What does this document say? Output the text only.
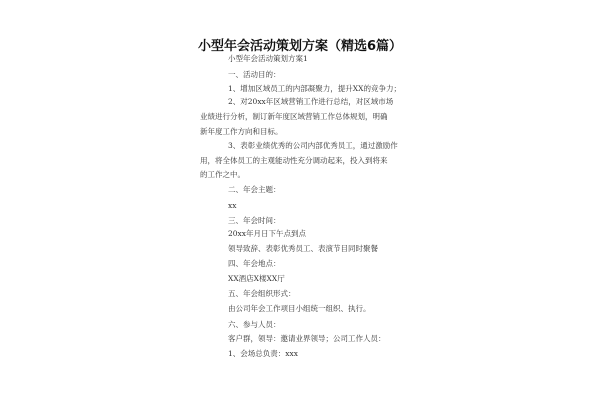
小型年会活动策划方案（精选6篇）
小型年会活动策划方案1
一、活动目的：
1、增加区域员工的内部凝聚力，提升XX的竞争力；
2、对20xx年区域营销工作进行总结，对区域市场
业绩进行分析，制订新年度区域营销工作总体规划，明确
新年度工作方向和目标。
3、表彰业绩优秀的公司内部优秀员工，通过激励作
用，将全体员工的主观能动性充分调动起来，投入到将来
的工作之中。
二、年会主题：
xx
三、年会时间：
20xx年月日下午点到点
领导致辞、表彰优秀员工、表演节目同时聚餐
四、年会地点：
XX酒店X楼XX厅
五、年会组织形式：
由公司年会工作项目小组统一组织、执行。
六、参与人员：
客户群，领导：邀请业界领导；公司工作人员：
1、会场总负责：xxx
